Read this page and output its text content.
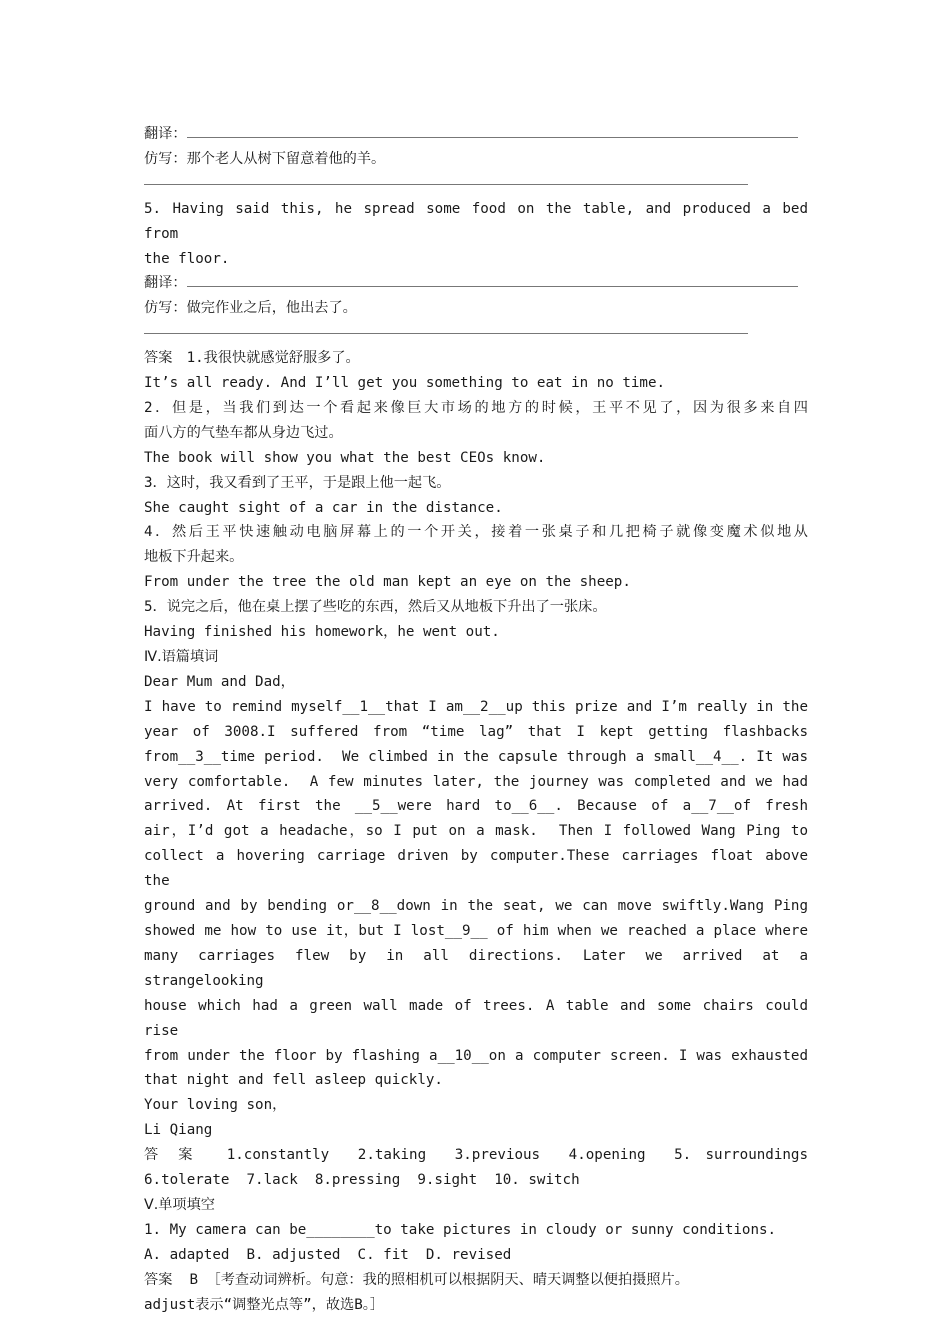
翻译：
仿写：那个老人从树下留意着他的羊。
5. Having said this, he spread some food on the table, and produced a bed from
the floor.
翻译：
仿写：做完作业之后，他出去了。
答案　1.我很快就感觉舒服多了。
It’s all ready. And I’ll get you something to eat in no time.
2．但是，当我们到达一个看起来像巨大市场的地方的时候，王平不见了，因为很多来自四
面八方的气垫车都从身边飞过。
The book will show you what the best CEOs know.
3．这时，我又看到了王平，于是跟上他一起飞。
She caught sight of a car in the distance.
4．然后王平快速触动电脑屏幕上的一个开关，接着一张桌子和几把椅子就像变魔术似地从
地板下升起来。
From under the tree the old man kept an eye on the sheep.
5．说完之后，他在桌上摆了些吃的东西，然后又从地板下升出了一张床。
Having finished his homework，he went out.
Ⅳ.语篇填词
Dear Mum and Dad，
I have to remind myself__1__that I am__2__up this prize and I’m really in the
year of 3008.I suffered from “time lag” that I kept getting flashbacks
from__3__time period.  We climbed in the capsule through a small__4__. It was
very comfortable.  A few minutes later, the journey was completed and we had
arrived. At first the __5__were hard to__6__. Because of a__7__of fresh
air，I’d got a headache，so I put on a mask.  Then I followed Wang Ping to
collect a hovering carriage driven by computer.These carriages float above the
ground and by bending or__8__down in the seat, we can move swiftly.Wang Ping
showed me how to use it，but I lost__9__ of him when we reached a place where
many carriages flew by in all directions. Later we arrived at a strangelooking
house which had a green wall made of trees. A table and some chairs could rise
from under the floor by flashing a__10__on a computer screen. I was exhausted
that night and fell asleep quickly.
Your loving son，
Li Qiang
答 案  1.constantly  2.taking  3.previous  4.opening  5. surroundings
6.tolerate  7.lack  8.pressing  9.sight  10. switch
Ⅴ.单项填空
1. My camera can be________to take pictures in cloudy or sunny conditions.
A. adapted  B. adjusted  C. fit  D. revised
答案  B ［考查动词辨析。句意：我的照相机可以根据阴天、晴天调整以便拍摄照片。
adjust表示“调整光点等”，故选B。］
